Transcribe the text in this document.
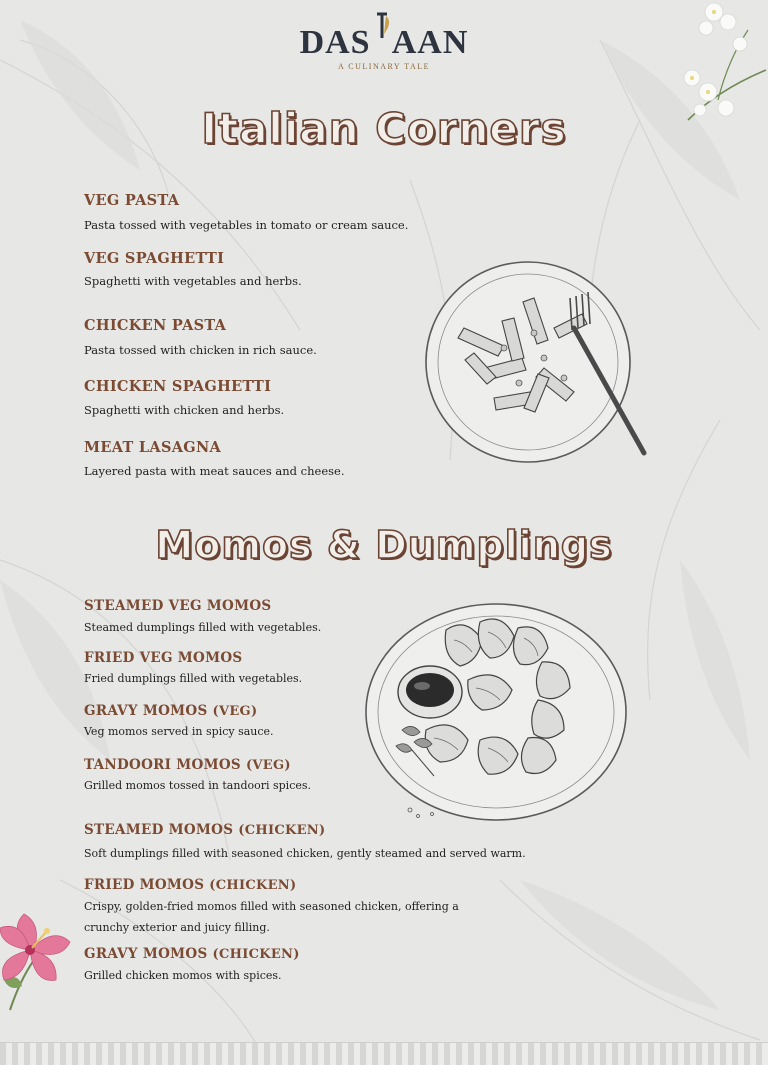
DAS AAN
A CULINARY TALE
Italian Corners
VEG PASTA
Pasta tossed with vegetables in tomato or cream sauce.
VEG SPAGHETTI
Spaghetti with vegetables and herbs.
CHICKEN PASTA
Pasta tossed with chicken in rich sauce.
CHICKEN SPAGHETTI
Spaghetti with chicken and herbs.
MEAT LASAGNA
Layered pasta with meat sauces and cheese.
Momos & Dumplings
STEAMED VEG MOMOS
Steamed dumplings filled with vegetables.
FRIED VEG MOMOS
Fried dumplings filled with vegetables.
GRAVY MOMOS (VEG)
Veg momos served in spicy sauce.
TANDOORI MOMOS (VEG)
Grilled momos tossed in tandoori spices.
STEAMED MOMOS (CHICKEN)
Soft dumplings filled with seasoned chicken, gently steamed and served warm.
FRIED MOMOS (CHICKEN)
Crispy, golden-fried momos filled with seasoned chicken, offering a crunchy exterior and juicy filling.
GRAVY MOMOS (CHICKEN)
Grilled chicken momos with spices.
